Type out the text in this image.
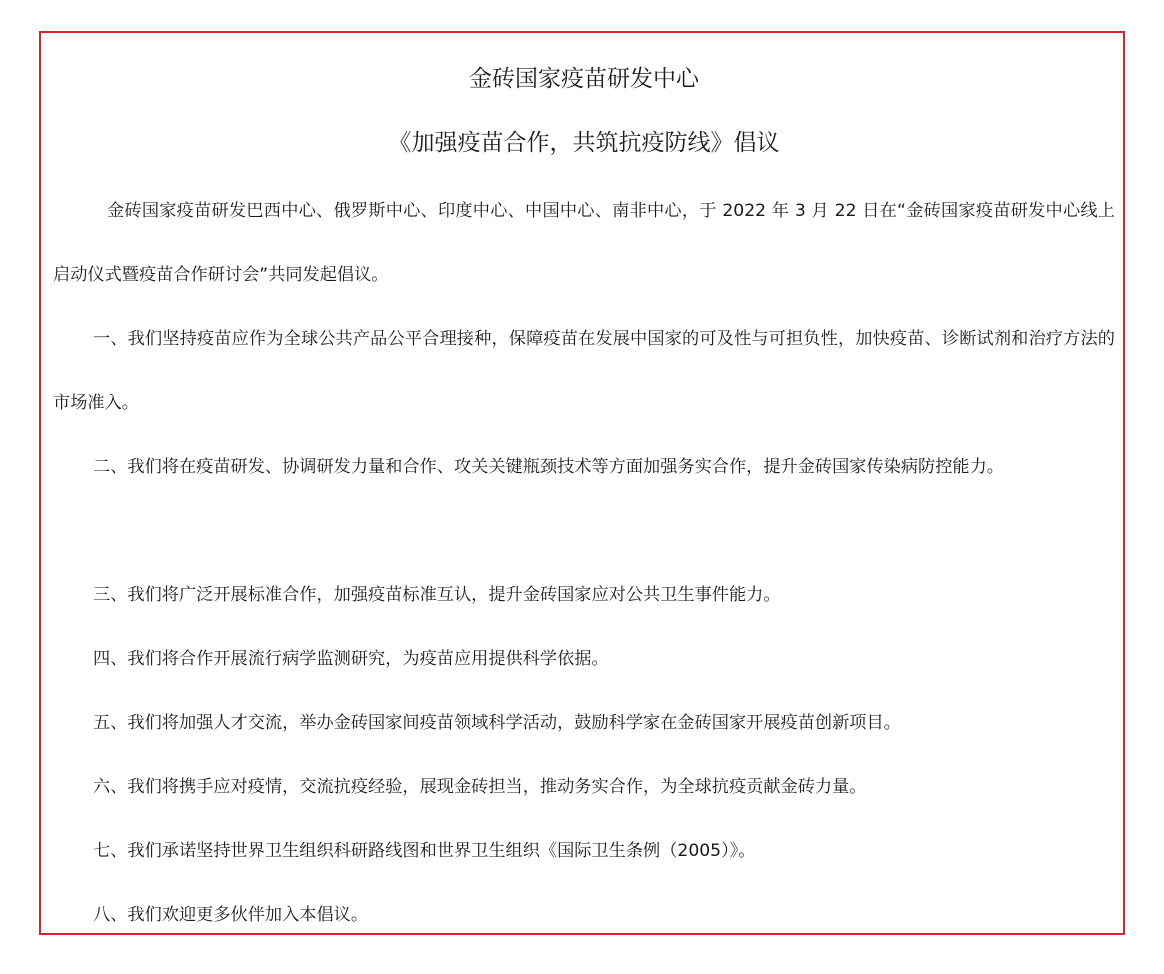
金砖国家疫苗研发中心
《加强疫苗合作，共筑抗疫防线》倡议

金砖国家疫苗研发巴西中心、俄罗斯中心、印度中心、中国中心、南非中心，于 2022 年 3 月 22 日在“金砖国家疫苗研发中心线上启动仪式暨疫苗合作研讨会”共同发起倡议。

一、我们坚持疫苗应作为全球公共产品公平合理接种，保障疫苗在发展中国家的可及性与可担负性，加快疫苗、诊断试剂和治疗方法的市场准入。

二、我们将在疫苗研发、协调研发力量和合作、攻关关键瓶颈技术等方面加强务实合作，提升金砖国家传染病防控能力。

三、我们将广泛开展标准合作，加强疫苗标准互认，提升金砖国家应对公共卫生事件能力。

四、我们将合作开展流行病学监测研究，为疫苗应用提供科学依据。

五、我们将加强人才交流，举办金砖国家间疫苗领域科学活动，鼓励科学家在金砖国家开展疫苗创新项目。

六、我们将携手应对疫情，交流抗疫经验，展现金砖担当，推动务实合作，为全球抗疫贡献金砖力量。

七、我们承诺坚持世界卫生组织科研路线图和世界卫生组织《国际卫生条例（2005）》。

八、我们欢迎更多伙伴加入本倡议。
